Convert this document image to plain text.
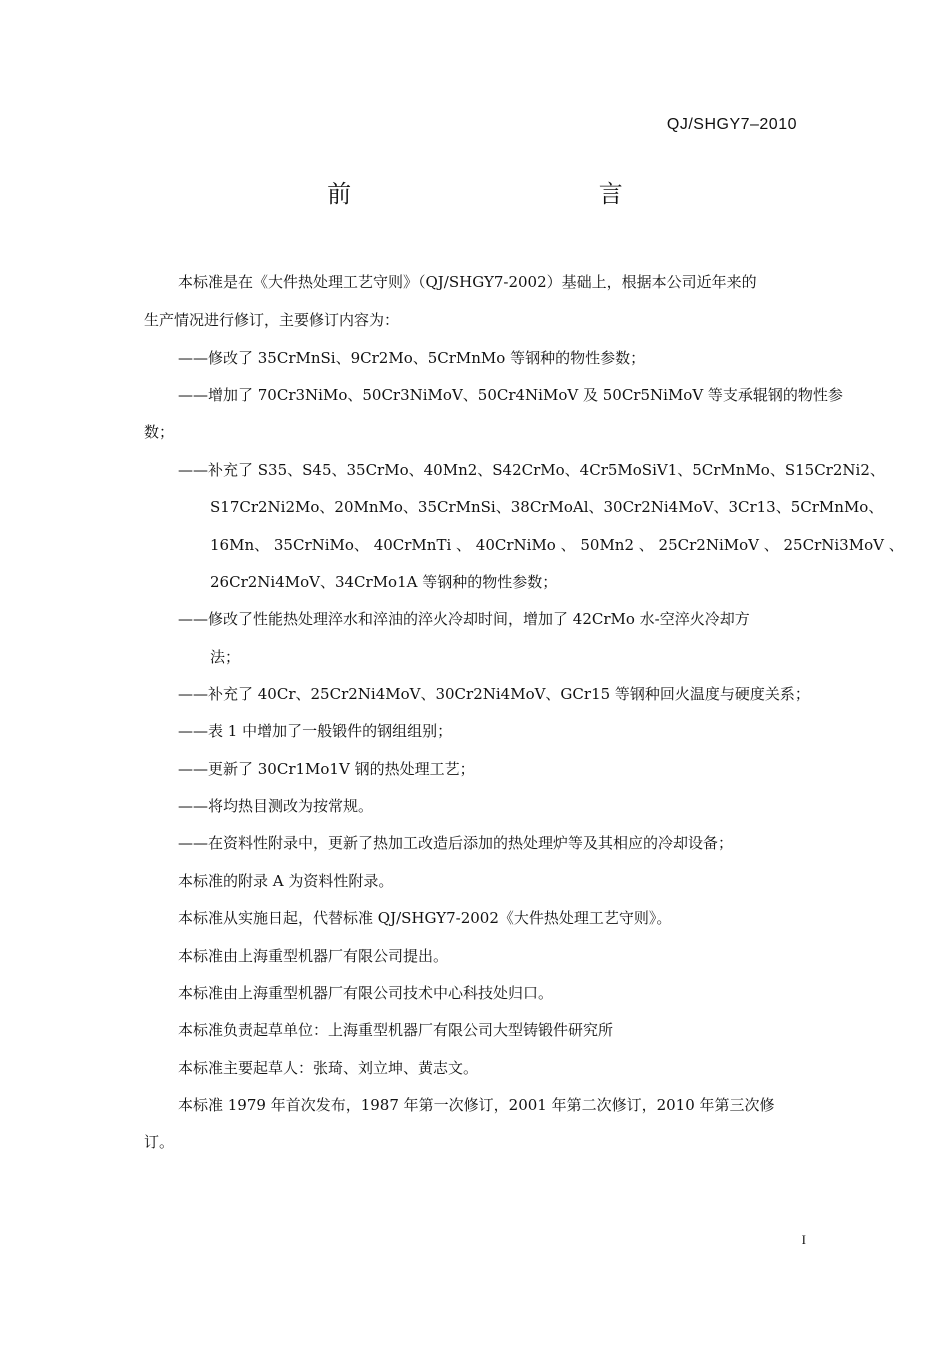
QJ/SHGY7–2010
前 言
本标准是在《大件热处理工艺守则》（QJ/SHGY7-2002）基础上，根据本公司近年来的
生产情况进行修订，主要修订内容为：
——修改了 35CrMnSi、9Cr2Mo、5CrMnMo 等钢种的物性参数；
——增加了 70Cr3NiMo、50Cr3NiMoV、50Cr4NiMoV 及 50Cr5NiMoV 等支承辊钢的物性参
数；
——补充了 S35、S45、35CrMo、40Mn2、S42CrMo、4Cr5MoSiV1、5CrMnMo、S15Cr2Ni2、
S17Cr2Ni2Mo、20MnMo、35CrMnSi、38CrMoAl、30Cr2Ni4MoV、3Cr13、5CrMnMo、
16Mn、 35CrNiMo、 40CrMnTi 、 40CrNiMo 、 50Mn2 、 25Cr2NiMoV 、 25CrNi3MoV 、
26Cr2Ni4MoV、34CrMo1A 等钢种的物性参数；
——修改了性能热处理淬水和淬油的淬火冷却时间，增加了 42CrMo 水-空淬火冷却方
法；
——补充了 40Cr、25Cr2Ni4MoV、30Cr2Ni4MoV、GCr15 等钢种回火温度与硬度关系；
——表 1 中增加了一般锻件的钢组组别；
——更新了 30Cr1Mo1V 钢的热处理工艺；
——将均热目测改为按常规。
——在资料性附录中，更新了热加工改造后添加的热处理炉等及其相应的冷却设备；
本标准的附录 A 为资料性附录。
本标准从实施日起，代替标准 QJ/SHGY7-2002《大件热处理工艺守则》。
本标准由上海重型机器厂有限公司提出。
本标准由上海重型机器厂有限公司技术中心科技处归口。
本标准负责起草单位：上海重型机器厂有限公司大型铸锻件研究所
本标准主要起草人：张琦、刘立坤、黄志文。
本标准 1979 年首次发布，1987 年第一次修订，2001 年第二次修订，2010 年第三次修
订。
I
